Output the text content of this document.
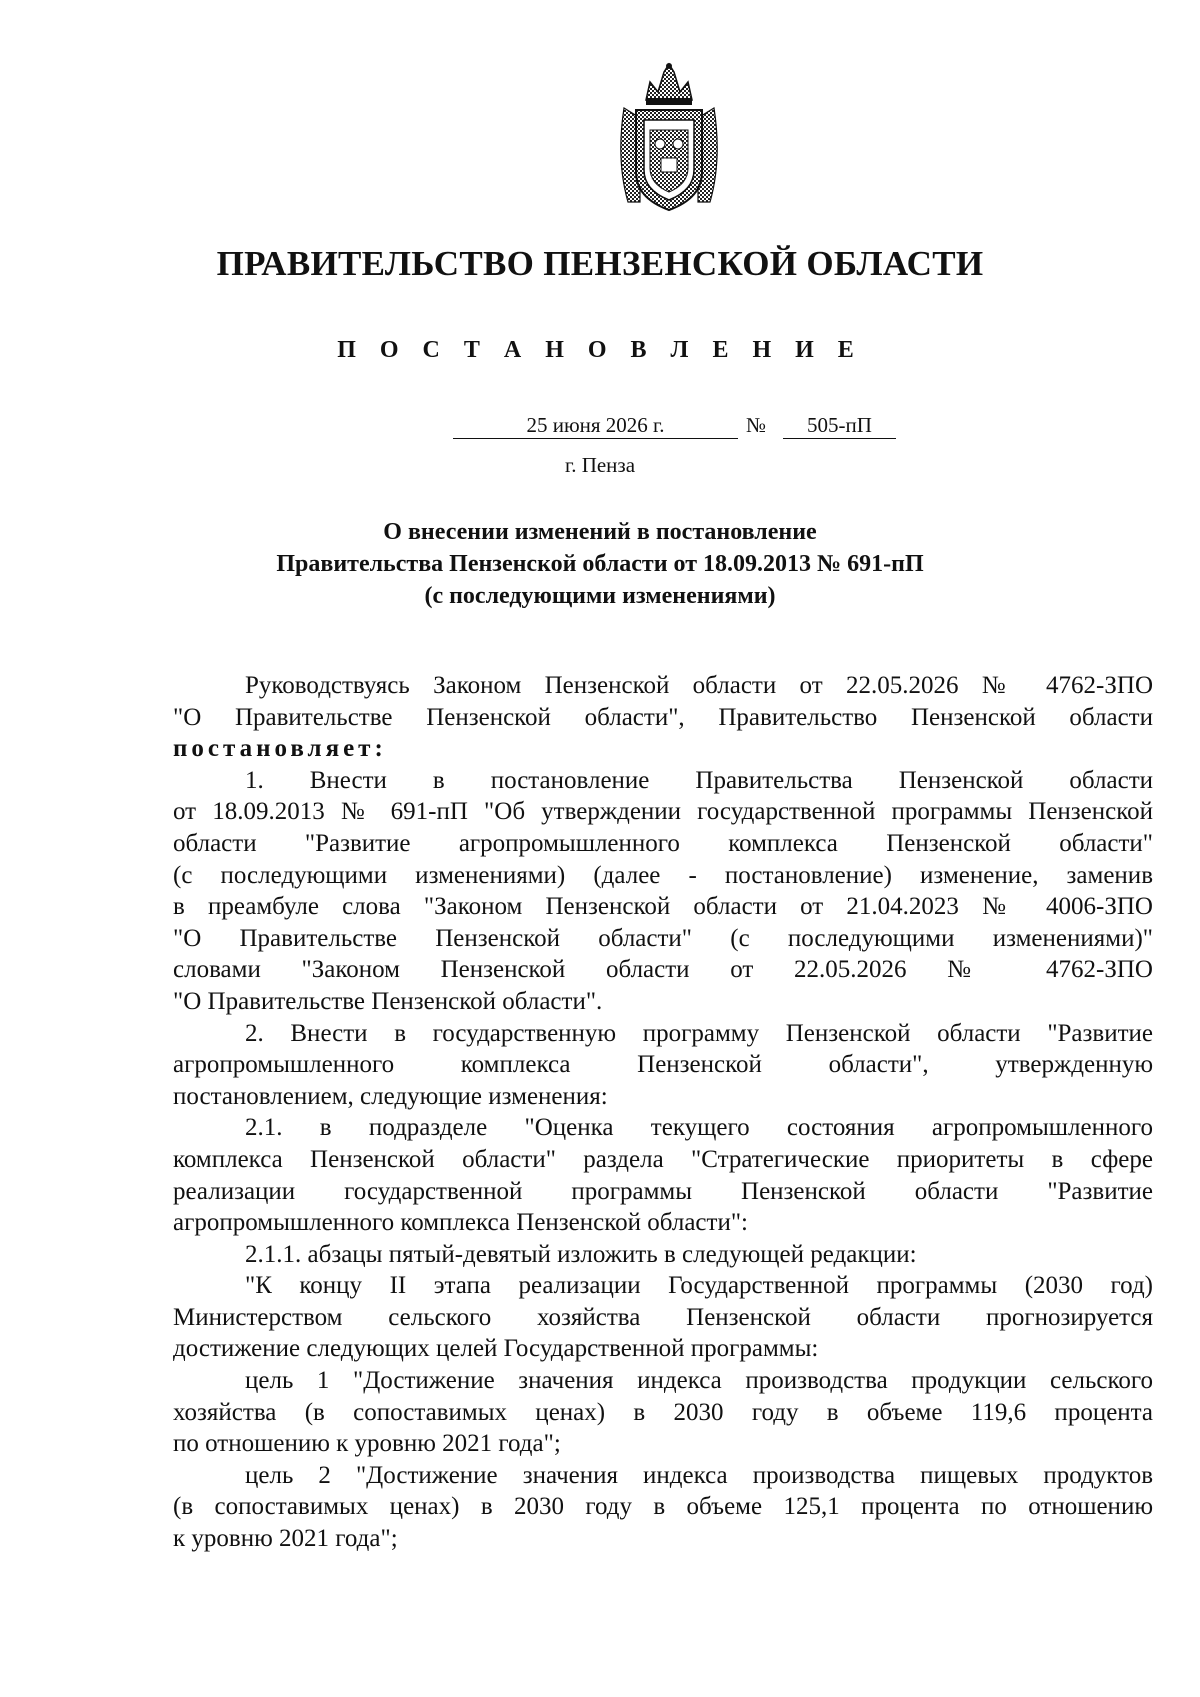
ПРАВИТЕЛЬСТВО ПЕНЗЕНСКОЙ ОБЛАСТИ
П О С Т А Н О В Л Е Н И Е
25 июня 2026 г.	№	505-пП
г. Пенза
О внесении изменений в постановление
Правительства Пензенской области от 18.09.2013 № 691-пП
(с последующими изменениями)

Руководствуясь Законом Пензенской области от 22.05.2026 № 4762-ЗПО

"О Правительстве Пензенской области", Правительство Пензенской области
постановляет:

1. Внести в постановление Правительства Пензенской области

от 18.09.2013 № 691-пП "Об утверждении государственной программы Пензенской
области "Развитие агропромышленного комплекса Пензенской области"
(с последующими изменениями) (далее - постановление) изменение, заменив
в преамбуле слова "Законом Пензенской области от 21.04.2023 № 4006-ЗПО
"О Правительстве Пензенской области" (с последующими изменениями)"
словами "Законом Пензенской области от 22.05.2026 № 4762-ЗПО
"О Правительстве Пензенской области".

2. Внести в государственную программу Пензенской области "Развитие

агропромышленного комплекса Пензенской области", утвержденную
постановлением, следующие изменения:

2.1. в подразделе "Оценка текущего состояния агропромышленного

комплекса Пензенской области" раздела "Стратегические приоритеты в сфере
реализации государственной программы Пензенской области "Развитие
агропромышленного комплекса Пензенской области":

2.1.1. абзацы пятый-девятый изложить в следующей редакции:

"К концу II этапа реализации Государственной программы (2030 год)

Министерством сельского хозяйства Пензенской области прогнозируется
достижение следующих целей Государственной программы:

цель 1 "Достижение значения индекса производства продукции сельского

хозяйства (в сопоставимых ценах) в 2030 году в объеме 119,6 процента
по отношению к уровню 2021 года";

цель 2 "Достижение значения индекса производства пищевых продуктов

(в сопоставимых ценах) в 2030 году в объеме 125,1 процента по отношению
к уровню 2021 года";
